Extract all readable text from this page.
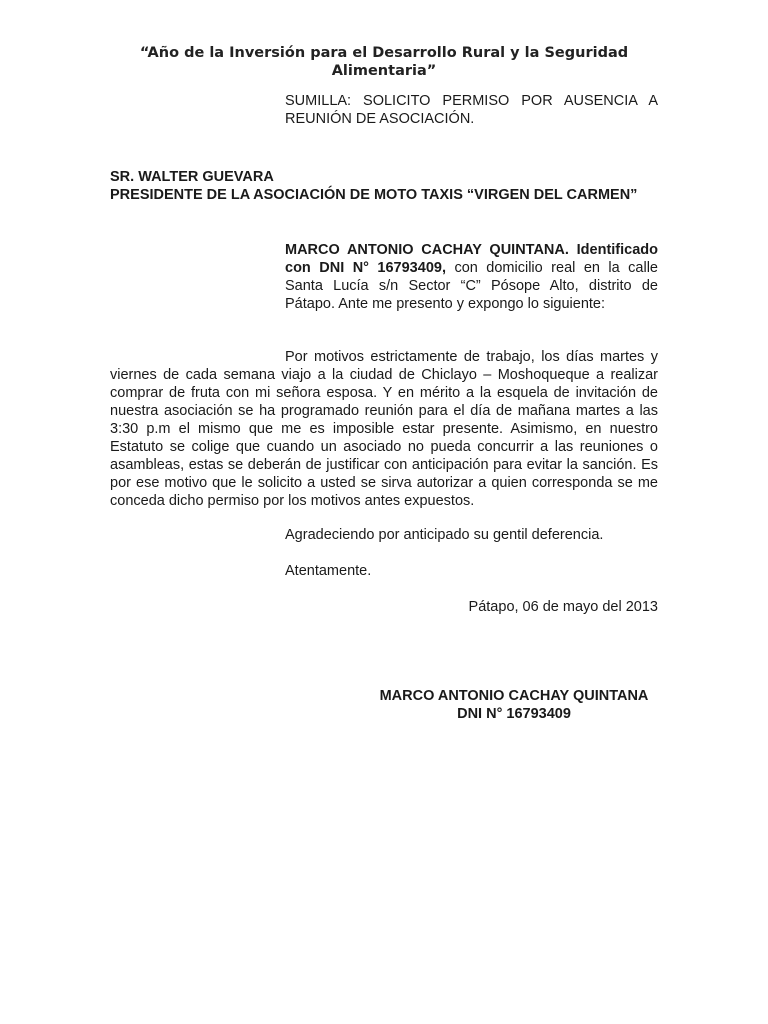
“Año de la Inversión para el Desarrollo Rural y la Seguridad Alimentaria”
SUMILLA: SOLICITO PERMISO POR AUSENCIA A REUNIÓN DE ASOCIACIÓN.
SR. WALTER GUEVARA
PRESIDENTE DE LA ASOCIACIÓN DE MOTO TAXIS “VIRGEN DEL CARMEN”
MARCO ANTONIO CACHAY QUINTANA. Identificado con DNI N° 16793409, con domicilio real en la calle Santa Lucía s/n Sector “C” Pósope Alto, distrito de Pátapo. Ante me presento y expongo lo siguiente:
Por motivos estrictamente de trabajo, los días martes y viernes de cada semana viajo a la ciudad de Chiclayo – Moshoqueque a realizar comprar de fruta con mi señora esposa. Y en mérito a la esquela de invitación de nuestra asociación se ha programado reunión para el día de mañana martes a las 3:30 p.m el mismo que me es imposible estar presente. Asimismo, en nuestro Estatuto se colige que cuando un asociado no pueda concurrir a las reuniones o asambleas, estas se deberán de justificar con anticipación para evitar la sanción. Es por ese motivo que le solicito a usted se sirva autorizar a quien corresponda se me conceda dicho permiso por los motivos antes expuestos.
Agradeciendo por anticipado su gentil deferencia.
Atentamente.
Pátapo, 06 de mayo del 2013
MARCO ANTONIO CACHAY QUINTANA
DNI N° 16793409
